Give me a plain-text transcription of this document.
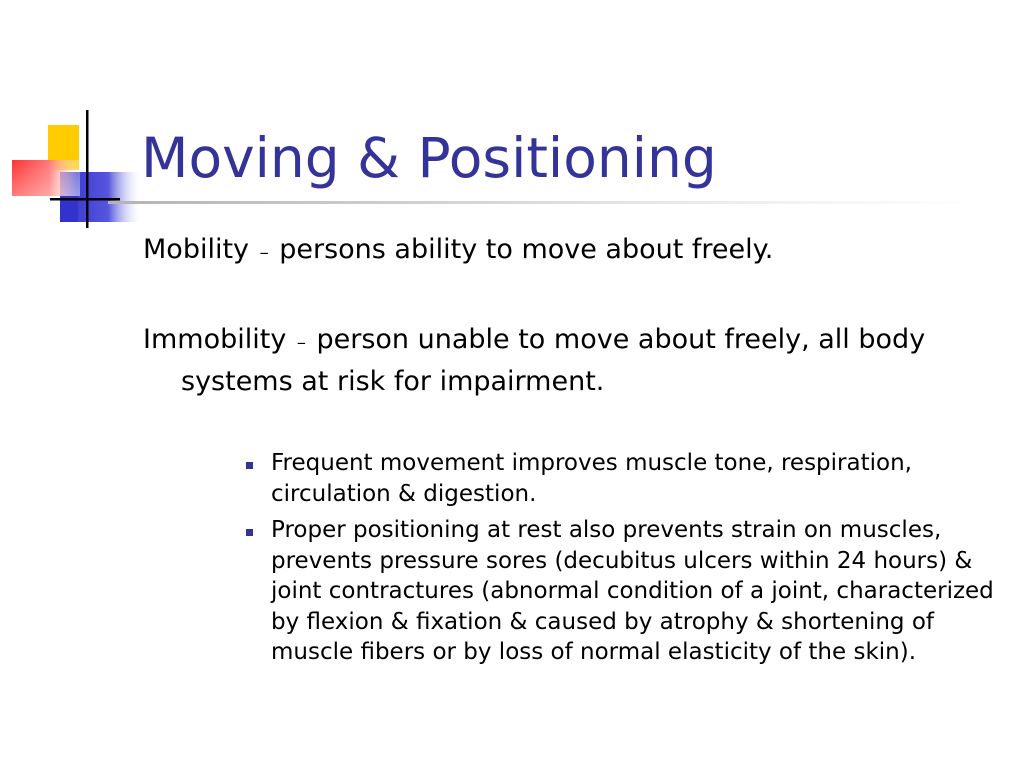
Moving & Positioning

Mobility – persons ability to move about freely.

Immobility – person unable to move about freely, all body systems at risk for impairment.

Frequent movement improves muscle tone, respiration, circulation & digestion.
Proper positioning at rest also prevents strain on muscles, prevents pressure sores (decubitus ulcers within 24 hours) & joint contractures (abnormal condition of a joint, characterized by flexion & fixation & caused by atrophy & shortening of muscle fibers or by loss of normal elasticity of the skin).
